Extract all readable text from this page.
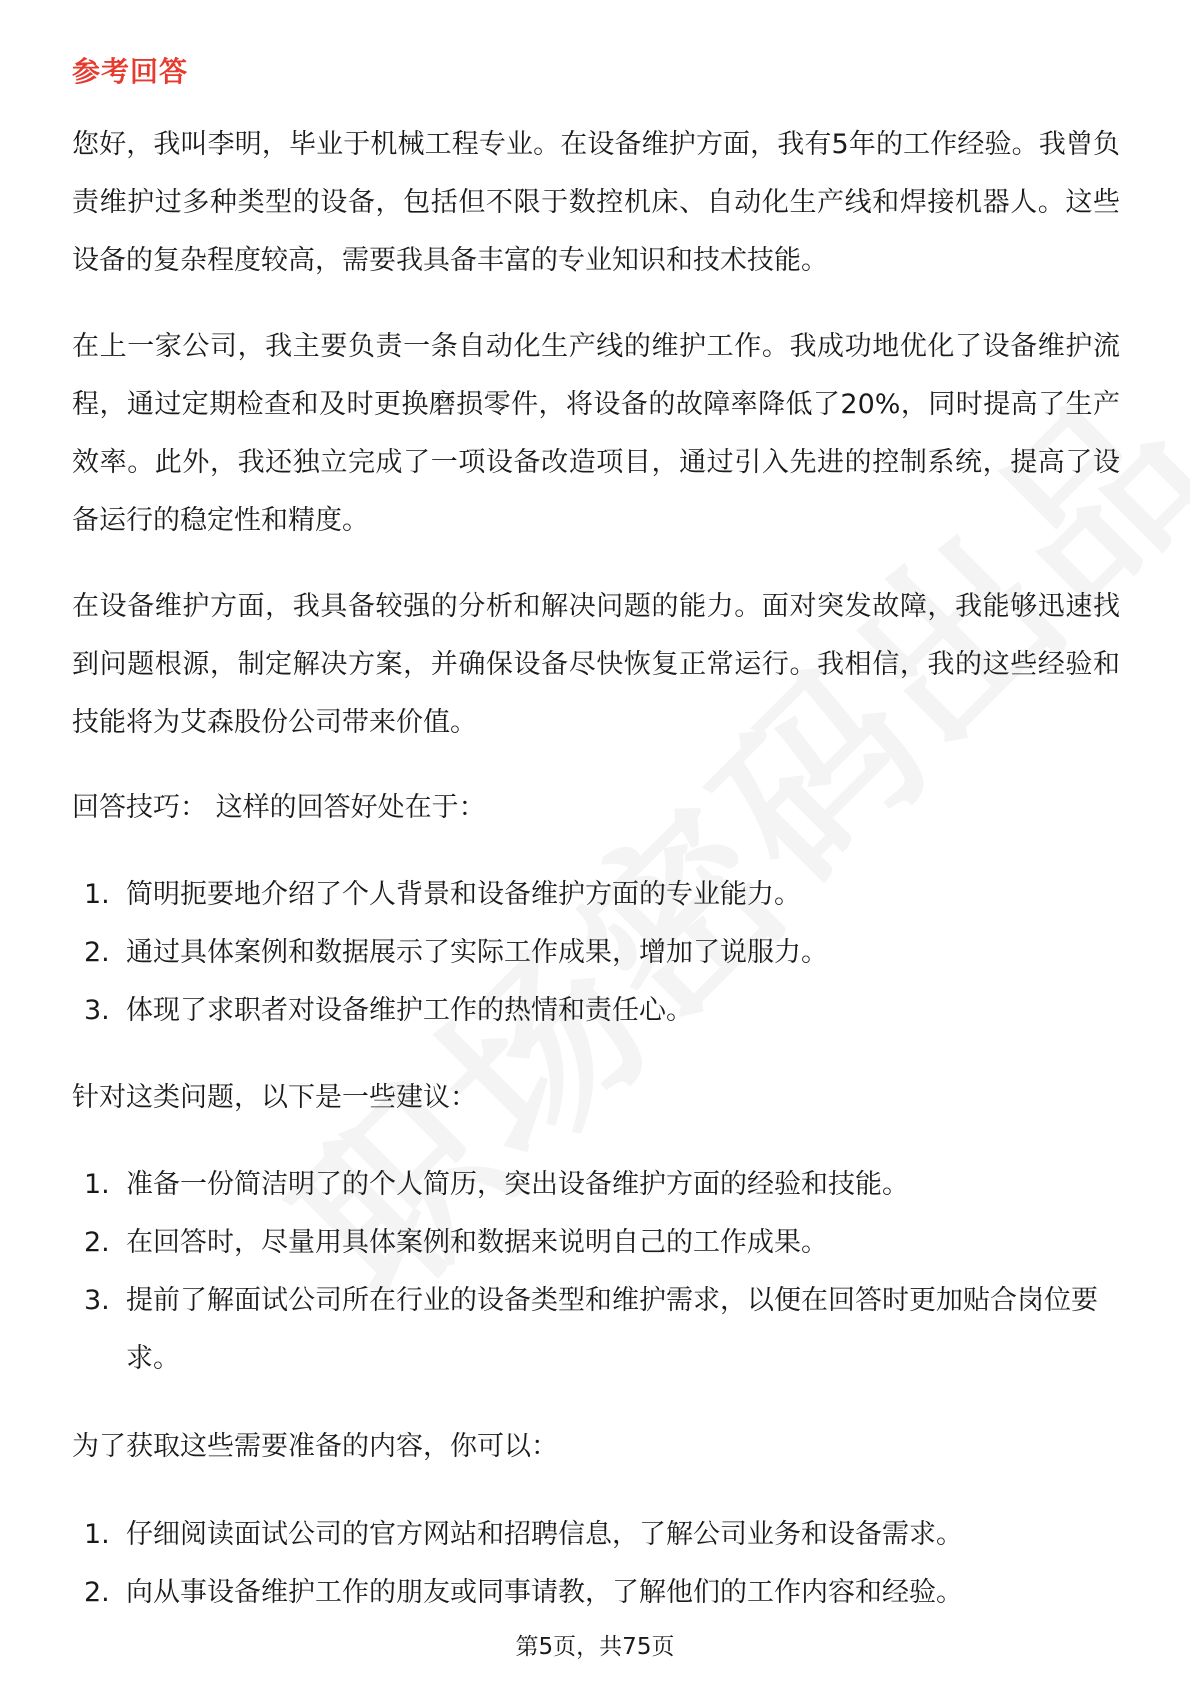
参考回答

您好，我叫李明，毕业于机械工程专业。在设备维护方面，我有5年的工作经验。我曾负责维护过多种类型的设备，包括但不限于数控机床、自动化生产线和焊接机器人。这些设备的复杂程度较高，需要我具备丰富的专业知识和技术技能。

在上一家公司，我主要负责一条自动化生产线的维护工作。我成功地优化了设备维护流程，通过定期检查和及时更换磨损零件，将设备的故障率降低了20%，同时提高了生产效率。此外，我还独立完成了一项设备改造项目，通过引入先进的控制系统，提高了设备运行的稳定性和精度。

在设备维护方面，我具备较强的分析和解决问题的能力。面对突发故障，我能够迅速找到问题根源，制定解决方案，并确保设备尽快恢复正常运行。我相信，我的这些经验和技能将为艾森股份公司带来价值。

回答技巧： 这样的回答好处在于：

1. 简明扼要地介绍了个人背景和设备维护方面的专业能力。
2. 通过具体案例和数据展示了实际工作成果，增加了说服力。
3. 体现了求职者对设备维护工作的热情和责任心。

针对这类问题，以下是一些建议：

1. 准备一份简洁明了的个人简历，突出设备维护方面的经验和技能。
2. 在回答时，尽量用具体案例和数据来说明自己的工作成果。
3. 提前了解面试公司所在行业的设备类型和维护需求，以便在回答时更加贴合岗位要求。

为了获取这些需要准备的内容，你可以：

1. 仔细阅读面试公司的官方网站和招聘信息，了解公司业务和设备需求。
2. 向从事设备维护工作的朋友或同事请教，了解他们的工作内容和经验。
第5页，共75页
